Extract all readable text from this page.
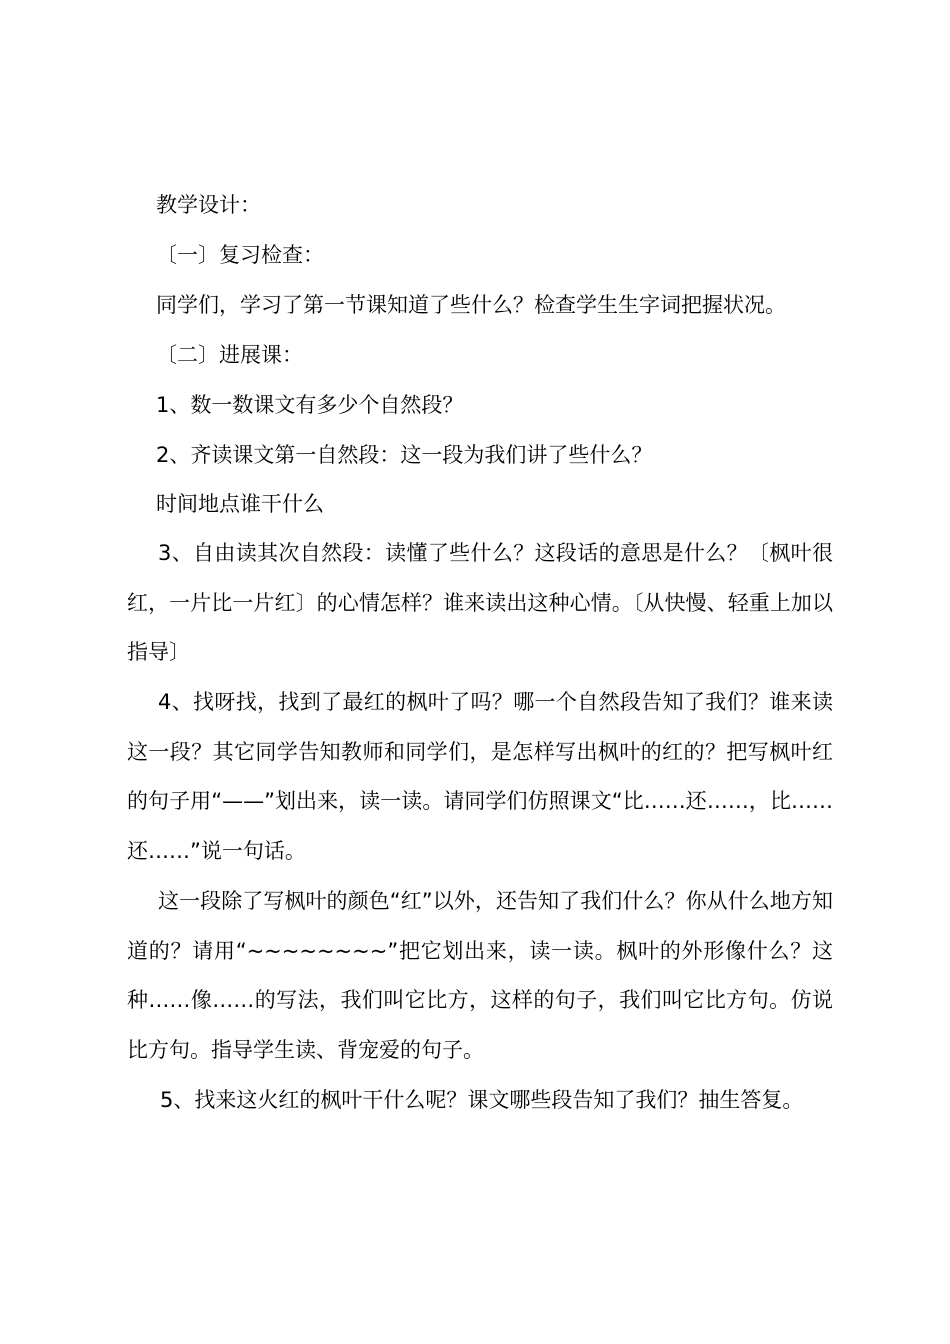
教学设计：
〔一〕复习检查：
同学们，学习了第一节课知道了些什么？检查学生生字词把握状况。
〔二〕进展课：
1、数一数课文有多少个自然段？
2、齐读课文第一自然段：这一段为我们讲了些什么？
时间地点谁干什么

3、自由读其次自然段：读懂了些什么？这段话的意思是什么？〔枫叶很红，一片比一片红〕的心情怎样？谁来读出这种心情。〔从快慢、轻重上加以指导〕

4、找呀找，找到了最红的枫叶了吗？哪一个自然段告知了我们？谁来读这一段？其它同学告知教师和同学们，是怎样写出枫叶的红的？把写枫叶红的句子用“——”划出来，读一读。请同学们仿照课文“比……还……，比……还……”说一句话。

这一段除了写枫叶的颜色“红”以外，还告知了我们什么？你从什么地方知道的？请用“~~~~~~~~”把它划出来，读一读。枫叶的外形像什么？这种……像……的写法，我们叫它比方，这样的句子，我们叫它比方句。仿说比方句。指导学生读、背宠爱的句子。

5、找来这火红的枫叶干什么呢？课文哪些段告知了我们？抽生答复。
